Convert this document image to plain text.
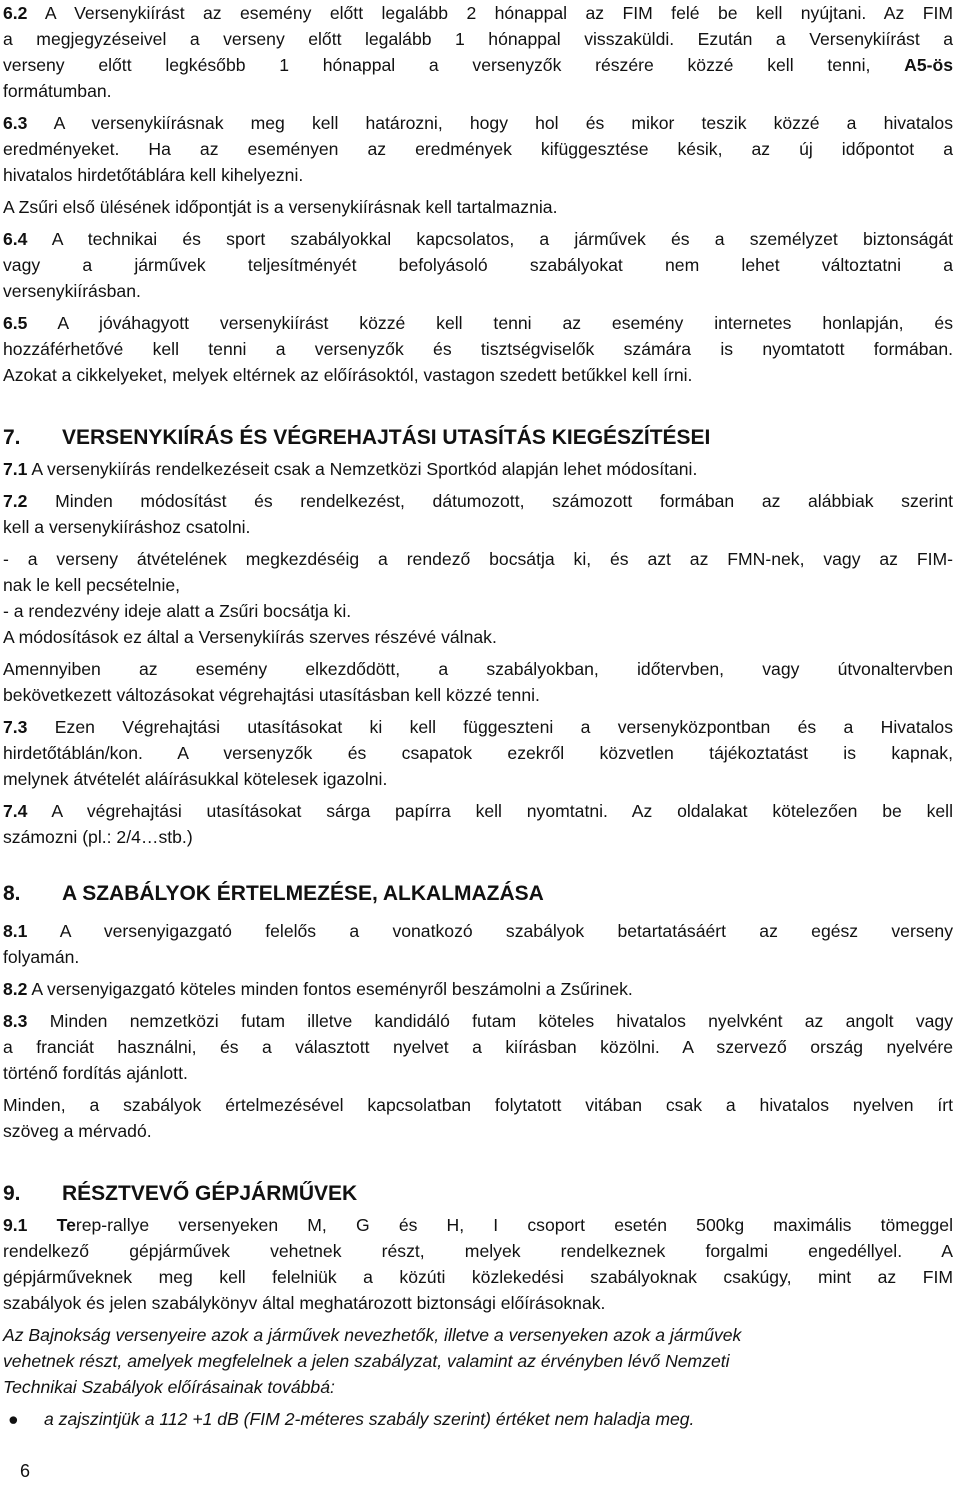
6.2 A Versenykiírást az esemény előtt legalább 2 hónappal az FIM felé be kell nyújtani. Az FIM
a megjegyzéseivel a verseny előtt legalább 1 hónappal visszaküldi. Ezután a Versenykiírást a
verseny előtt legkésőbb 1 hónappal a versenyzők részére közzé kell tenni, A5-ös
formátumban.
6.3 A versenykiírásnak meg kell határozni, hogy hol és mikor teszik közzé a hivatalos
eredményeket. Ha az eseményen az eredmények kifüggesztése késik, az új időpontot a
hivatalos hirdetőtáblára kell kihelyezni.
A Zsűri első ülésének időpontját is a versenykiírásnak kell tartalmaznia.
6.4 A technikai és sport szabályokkal kapcsolatos, a járművek és a személyzet biztonságát
vagy a járművek teljesítményét befolyásoló szabályokat nem lehet változtatni a
versenykiírásban.
6.5 A jóváhagyott versenykiírást közzé kell tenni az esemény internetes honlapján, és
hozzáférhetővé kell tenni a versenyzők és tisztségviselők számára is nyomtatott formában.
Azokat a cikkelyeket, melyek eltérnek az előírásoktól, vastagon szedett betűkkel kell írni.
7. VERSENYKIÍRÁS ÉS VÉGREHAJTÁSI UTASÍTÁS KIEGÉSZÍTÉSEI
7.1 A versenykiírás rendelkezéseit csak a Nemzetközi Sportkód alapján lehet módosítani.
7.2 Minden módosítást és rendelkezést, dátumozott, számozott formában az alábbiak szerint
kell a versenykiíráshoz csatolni.
- a verseny átvételének megkezdéséig a rendező bocsátja ki, és azt az FMN-nek, vagy az FIM-
nak le kell pecsételnie,
- a rendezvény ideje alatt a Zsűri bocsátja ki.
A módosítások ez által a Versenykiírás szerves részévé válnak.
Amennyiben az esemény elkezdődött, a szabályokban, időtervben, vagy útvonaltervben
bekövetkezett változásokat végrehajtási utasításban kell közzé tenni.
7.3 Ezen Végrehajtási utasításokat ki kell függeszteni a versenyközpontban és a Hivatalos
hirdetőtáblán/kon. A versenyzők és csapatok ezekről közvetlen tájékoztatást is kapnak,
melynek átvételét aláírásukkal kötelesek igazolni.
7.4 A végrehajtási utasításokat sárga papírra kell nyomtatni. Az oldalakat kötelezően be kell
számozni (pl.: 2/4…stb.)
8. A SZABÁLYOK ÉRTELMEZÉSE, ALKALMAZÁSA
8.1 A versenyigazgató felelős a vonatkozó szabályok betartatásáért az egész verseny
folyamán.
8.2 A versenyigazgató köteles minden fontos eseményről beszámolni a Zsűrinek.
8.3 Minden nemzetközi futam illetve kandidáló futam köteles hivatalos nyelvként az angolt vagy
a franciát használni, és a választott nyelvet a kiírásban közölni. A szervező ország nyelvére
történő fordítás ajánlott.
Minden, a szabályok értelmezésével kapcsolatban folytatott vitában csak a hivatalos nyelven írt
szöveg a mérvadó.
9. RÉSZTVEVŐ GÉPJÁRMŰVEK
9.1 Terep-rallye versenyeken M, G és H, I csoport esetén 500kg maximális tömeggel
rendelkező gépjárművek vehetnek részt, melyek rendelkeznek forgalmi engedéllyel. A
gépjárműveknek meg kell felelniük a közúti közlekedési szabályoknak csakúgy, mint az FIM
szabályok és jelen szabálykönyv által meghatározott biztonsági előírásoknak.
Az Bajnokság versenyeire azok a járművek nevezhetők, illetve a versenyeken azok a járművek
vehetnek részt, amelyek megfelelnek a jelen szabályzat, valamint az érvényben lévő Nemzeti
Technikai Szabályok előírásainak továbbá:
● a zajszintjük a 112 +1 dB (FIM 2-méteres szabály szerint) értéket nem haladja meg.
6
